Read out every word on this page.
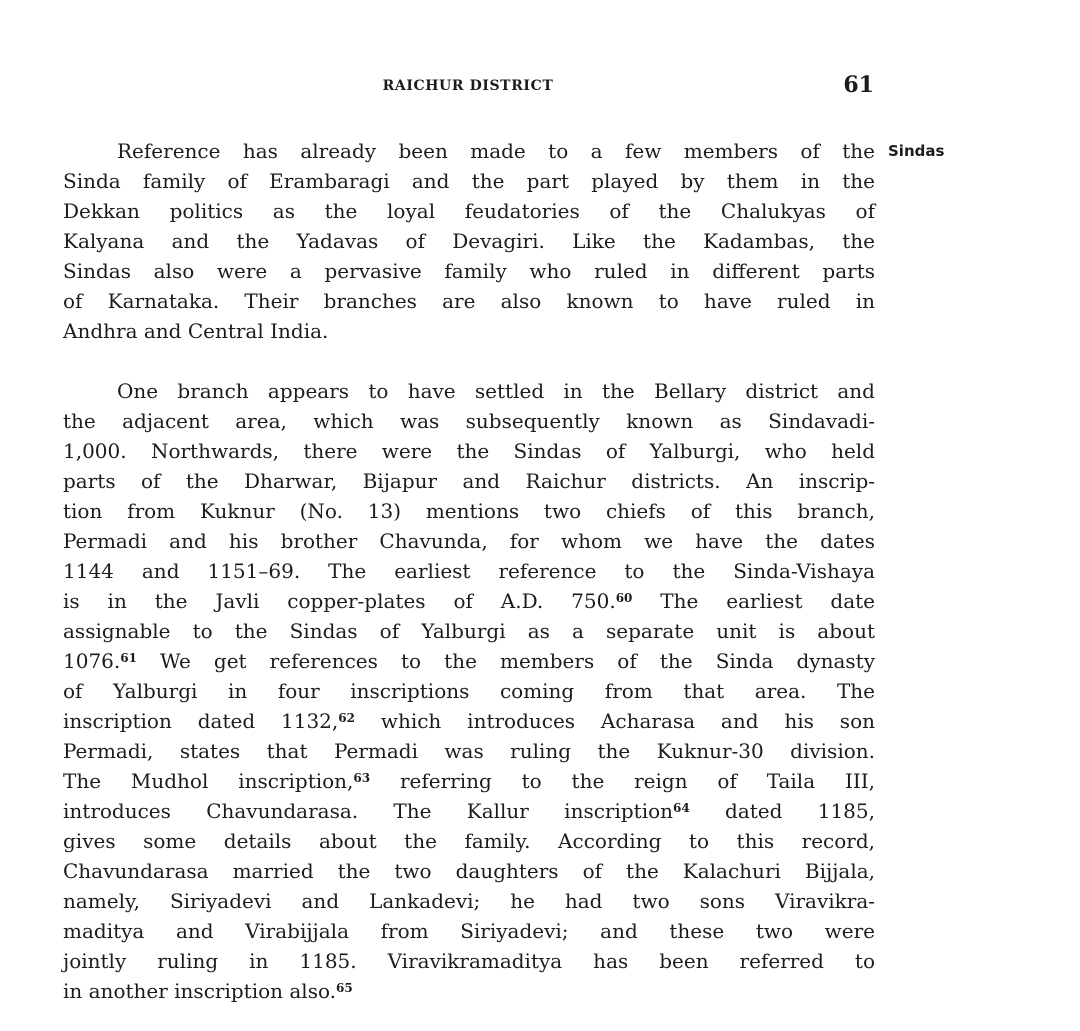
RAICHUR DISTRICT	61
Sindas
Reference has already been made to a few members of the
Sinda family of Erambaragi and the part played by them in the
Dekkan politics as the loyal feudatories of the Chalukyas of
Kalyana and the Yadavas of Devagiri. Like the Kadambas, the
Sindas also were a pervasive family who ruled in different parts
of Karnataka. Their branches are also known to have ruled in
Andhra and Central India.
One branch appears to have settled in the Bellary district and
the adjacent area, which was subsequently known as Sindavadi-
1,000. Northwards, there were the Sindas of Yalburgi, who held
parts of the Dharwar, Bijapur and Raichur districts. An inscrip-
tion from Kuknur (No. 13) mentions two chiefs of this branch,
Permadi and his brother Chavunda, for whom we have the dates
1144 and 1151–69. The earliest reference to the Sinda-Vishaya
is in the Javli copper-plates of A.D. 750.60 The earliest date
assignable to the Sindas of Yalburgi as a separate unit is about
1076.61 We get references to the members of the Sinda dynasty
of Yalburgi in four inscriptions coming from that area. The
inscription dated 1132,62 which introduces Acharasa and his son
Permadi, states that Permadi was ruling the Kuknur-30 division.
The Mudhol inscription,$^{63}$ referring to the reign of Taila III,
introduces Chavundarasa. The Kallur inscription$^{64}$ dated 1185,
gives some details about the family. According to this record,
Chavundarasa married the two daughters of the Kalachuri Bijjala,
namely, Siriyadevi and Lankadevi; he had two sons Viravikra-
maditya and Virabijjala from Siriyadevi; and these two were
jointly ruling in 1185. Viravikramaditya has been referred to
in another inscription also.$^{65}$
